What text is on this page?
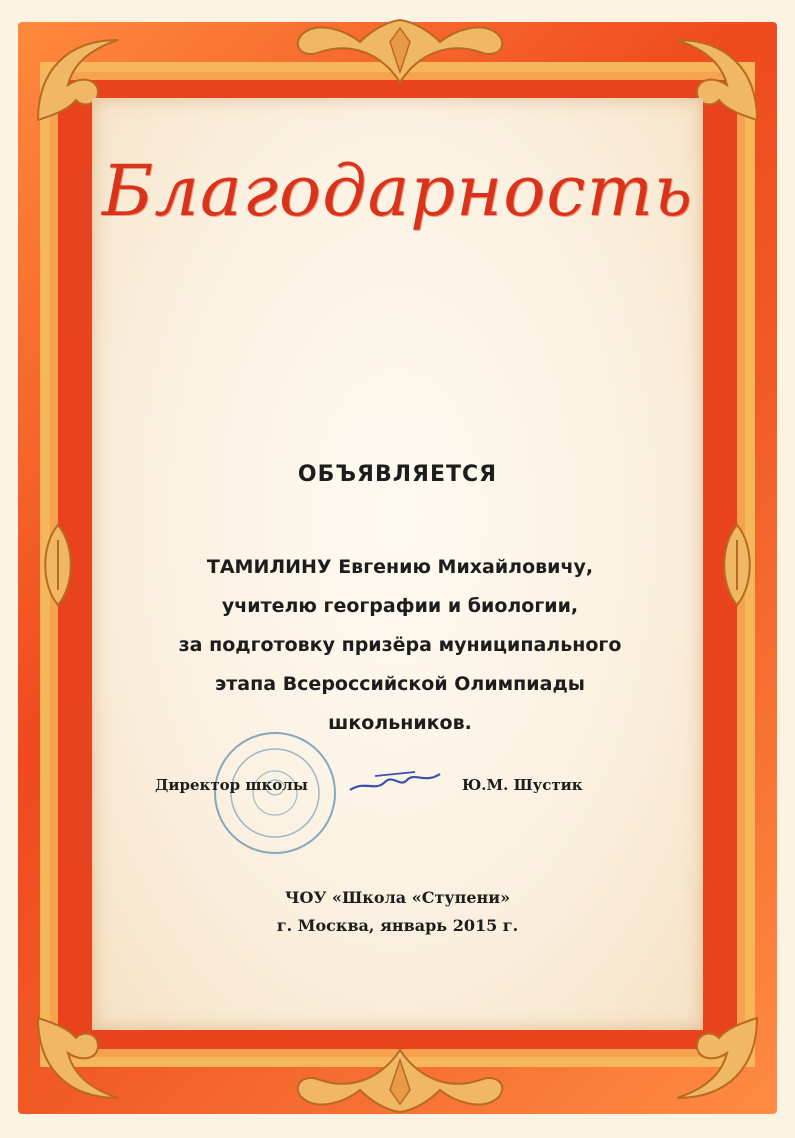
Благодарность
ОБЪЯВЛЯЕТСЯ
ТАМИЛИНУ Евгению Михайловичу,
учителю географии и биологии,
за подготовку призёра муниципального
этапа Всероссийской Олимпиады
школьников.
Директор школы	Ю.М. Шустик
ЧОУ «Школа «Ступени»
г. Москва, январь 2015 г.
